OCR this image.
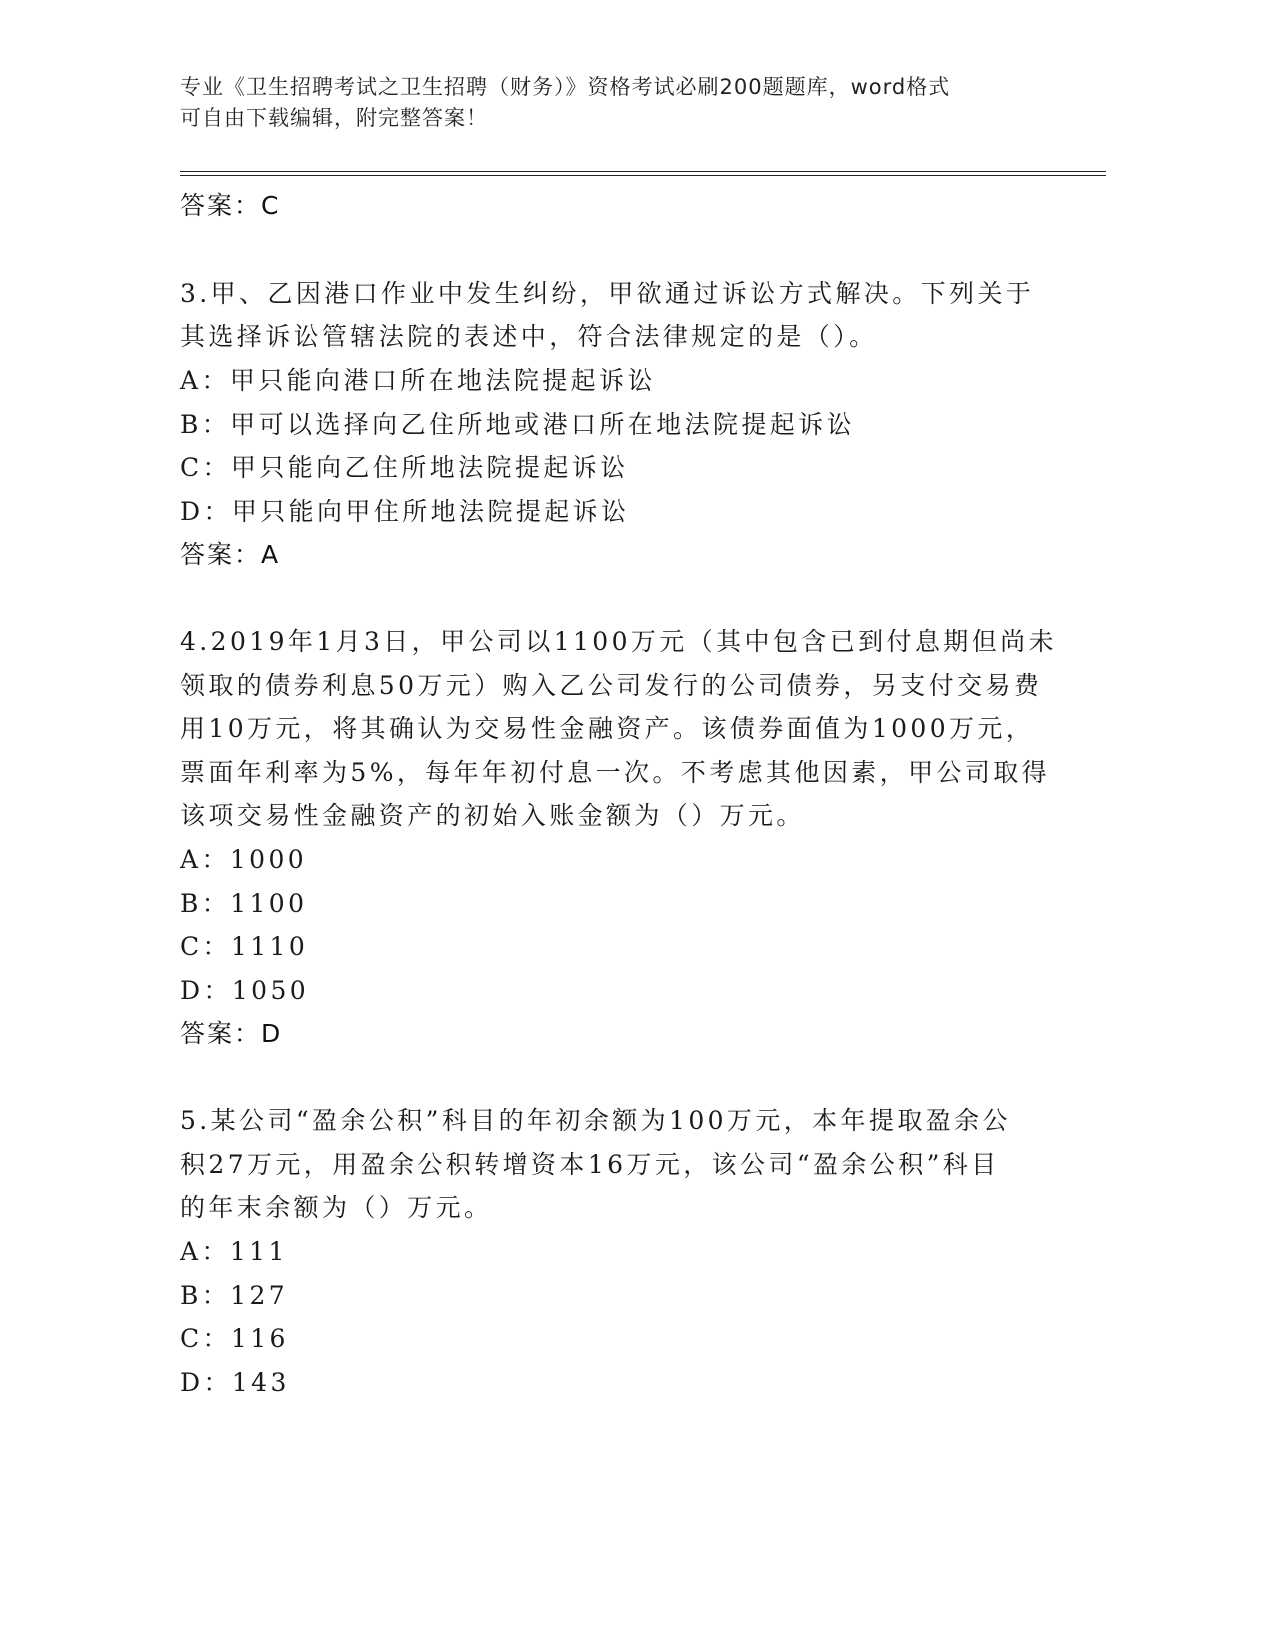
专业《卫生招聘考试之卫生招聘（财务）》资格考试必刷200题题库，word格式
可自由下载编辑，附完整答案！
答案：C
3.甲、乙因港口作业中发生纠纷，甲欲通过诉讼方式解决。下列关于
其选择诉讼管辖法院的表述中，符合法律规定的是（）。
A：甲只能向港口所在地法院提起诉讼
B：甲可以选择向乙住所地或港口所在地法院提起诉讼
C：甲只能向乙住所地法院提起诉讼
D：甲只能向甲住所地法院提起诉讼
答案：A
4.2019年1月3日，甲公司以1100万元（其中包含已到付息期但尚未
领取的债券利息50万元）购入乙公司发行的公司债券，另支付交易费
用10万元，将其确认为交易性金融资产。该债券面值为1000万元，
票面年利率为5%，每年年初付息一次。不考虑其他因素，甲公司取得
该项交易性金融资产的初始入账金额为（）万元。
A：1000
B：1100
C：1110
D：1050
答案：D
5.某公司“盈余公积”科目的年初余额为100万元，本年提取盈余公
积27万元，用盈余公积转增资本16万元，该公司“盈余公积”科目
的年末余额为（）万元。
A：111
B：127
C：116
D：143
